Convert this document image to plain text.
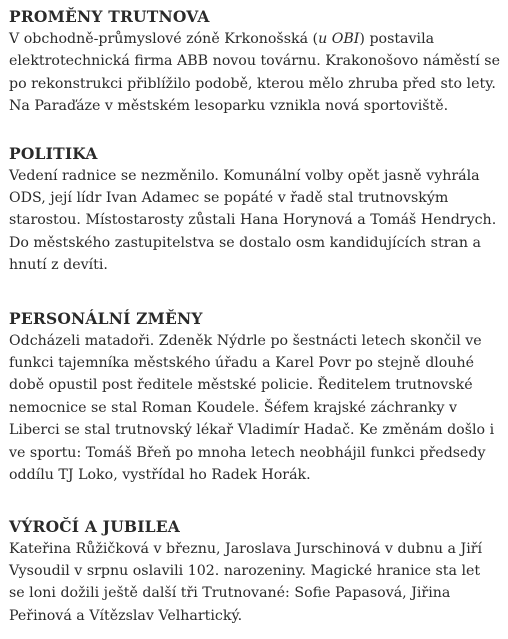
PROMĚNY TRUTNOVA

V obchodně-průmyslové zóně Krkonošská (u OBI) postavila elektrotechnická firma ABB novou továrnu. Krakonošovo náměstí se po rekonstrukci přiblížilo podobě, kterou mělo zhruba před sto lety. Na Paraďáze v městském lesoparku vznikla nová sportoviště.

POLITIKA

Vedení radnice se nezměnilo. Komunální volby opět jasně vyhrála ODS, její lídr Ivan Adamec se popáté v řadě stal trutnovským starostou. Místostarosty zůstali Hana Horynová a Tomáš Hendrych. Do městského zastupitelstva se dostalo osm kandidujících stran a hnutí z devíti.

PERSONÁLNÍ ZMĚNY

Odcházeli matadoři. Zdeněk Nýdrle po šestnácti letech skončil ve funkci tajemníka městského úřadu a Karel Povr po stejně dlouhé době opustil post ředitele městské policie. Ředitelem trutnovské nemocnice se stal Roman Koudele. Šéfem krajské záchranky v Liberci se stal trutnovský lékař Vladimír Hadač. Ke změnám došlo i ve sportu: Tomáš Břeň po mnoha letech neobhájil funkci předsedy oddílu TJ Loko, vystřídal ho Radek Horák.

VÝROČÍ A JUBILEA

Kateřina Růžičková v březnu, Jaroslava Jurschinová v dubnu a Jiří Vysoudil v srpnu oslavili 102. narozeniny. Magické hranice sta let se loni dožili ještě další tři Trutnované: Sofie Papasová, Jiřina Peřinová a Vítězslav Velhartický.
